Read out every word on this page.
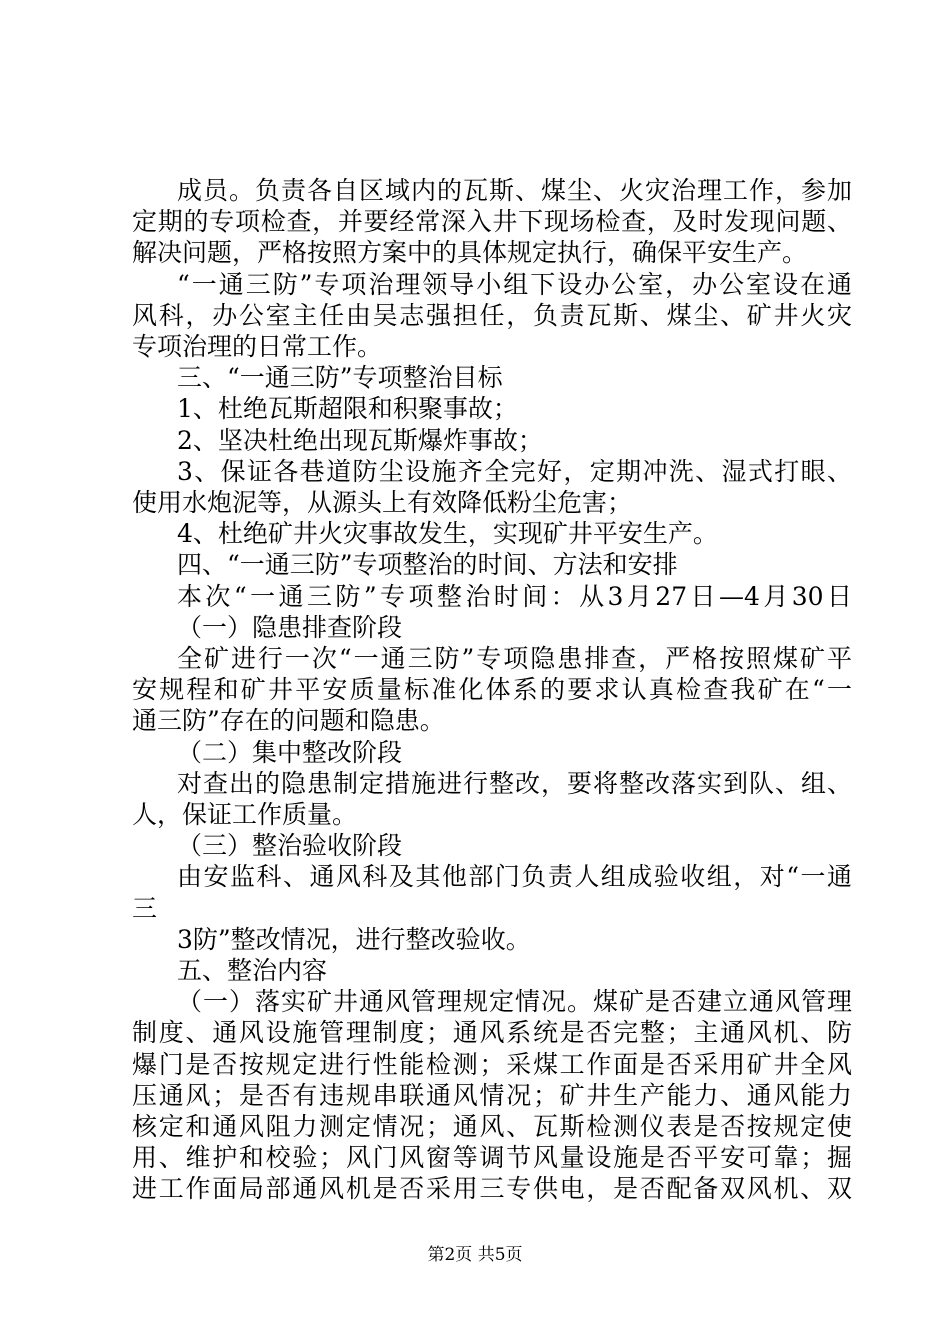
成员。负责各自区域内的瓦斯、煤尘、火灾治理工作，参加
定期的专项检查，并要经常深入井下现场检查，及时发现问题、
解决问题，严格按照方案中的具体规定执行，确保平安生产。
“一通三防”专项治理领导小组下设办公室，办公室设在通
风科，办公室主任由吴志强担任，负责瓦斯、煤尘、矿井火灾
专项治理的日常工作。
三、“一通三防”专项整治目标
1、杜绝瓦斯超限和积聚事故；
2、坚决杜绝出现瓦斯爆炸事故；
3、保证各巷道防尘设施齐全完好，定期冲洗、湿式打眼、
使用水炮泥等，从源头上有效降低粉尘危害；
4、杜绝矿井火灾事故发生，实现矿井平安生产。
四、“一通三防”专项整治的时间、方法和安排
本次“一通三防”专项整治时间：从3月27日—4月30日
（一）隐患排查阶段
全矿进行一次“一通三防”专项隐患排查，严格按照煤矿平
安规程和矿井平安质量标准化体系的要求认真检查我矿在“一
通三防”存在的问题和隐患。
（二）集中整改阶段
对查出的隐患制定措施进行整改，要将整改落实到队、组、
人，保证工作质量。
（三）整治验收阶段
由安监科、通风科及其他部门负责人组成验收组，对“一通
三
3防”整改情况，进行整改验收。
五、整治内容
（一）落实矿井通风管理规定情况。煤矿是否建立通风管理
制度、通风设施管理制度；通风系统是否完整；主通风机、防
爆门是否按规定进行性能检测；采煤工作面是否采用矿井全风
压通风；是否有违规串联通风情况；矿井生产能力、通风能力
核定和通风阻力测定情况；通风、瓦斯检测仪表是否按规定使
用、维护和校验；风门风窗等调节风量设施是否平安可靠；掘
进工作面局部通风机是否采用三专供电，是否配备双风机、双
第2页 共5页
